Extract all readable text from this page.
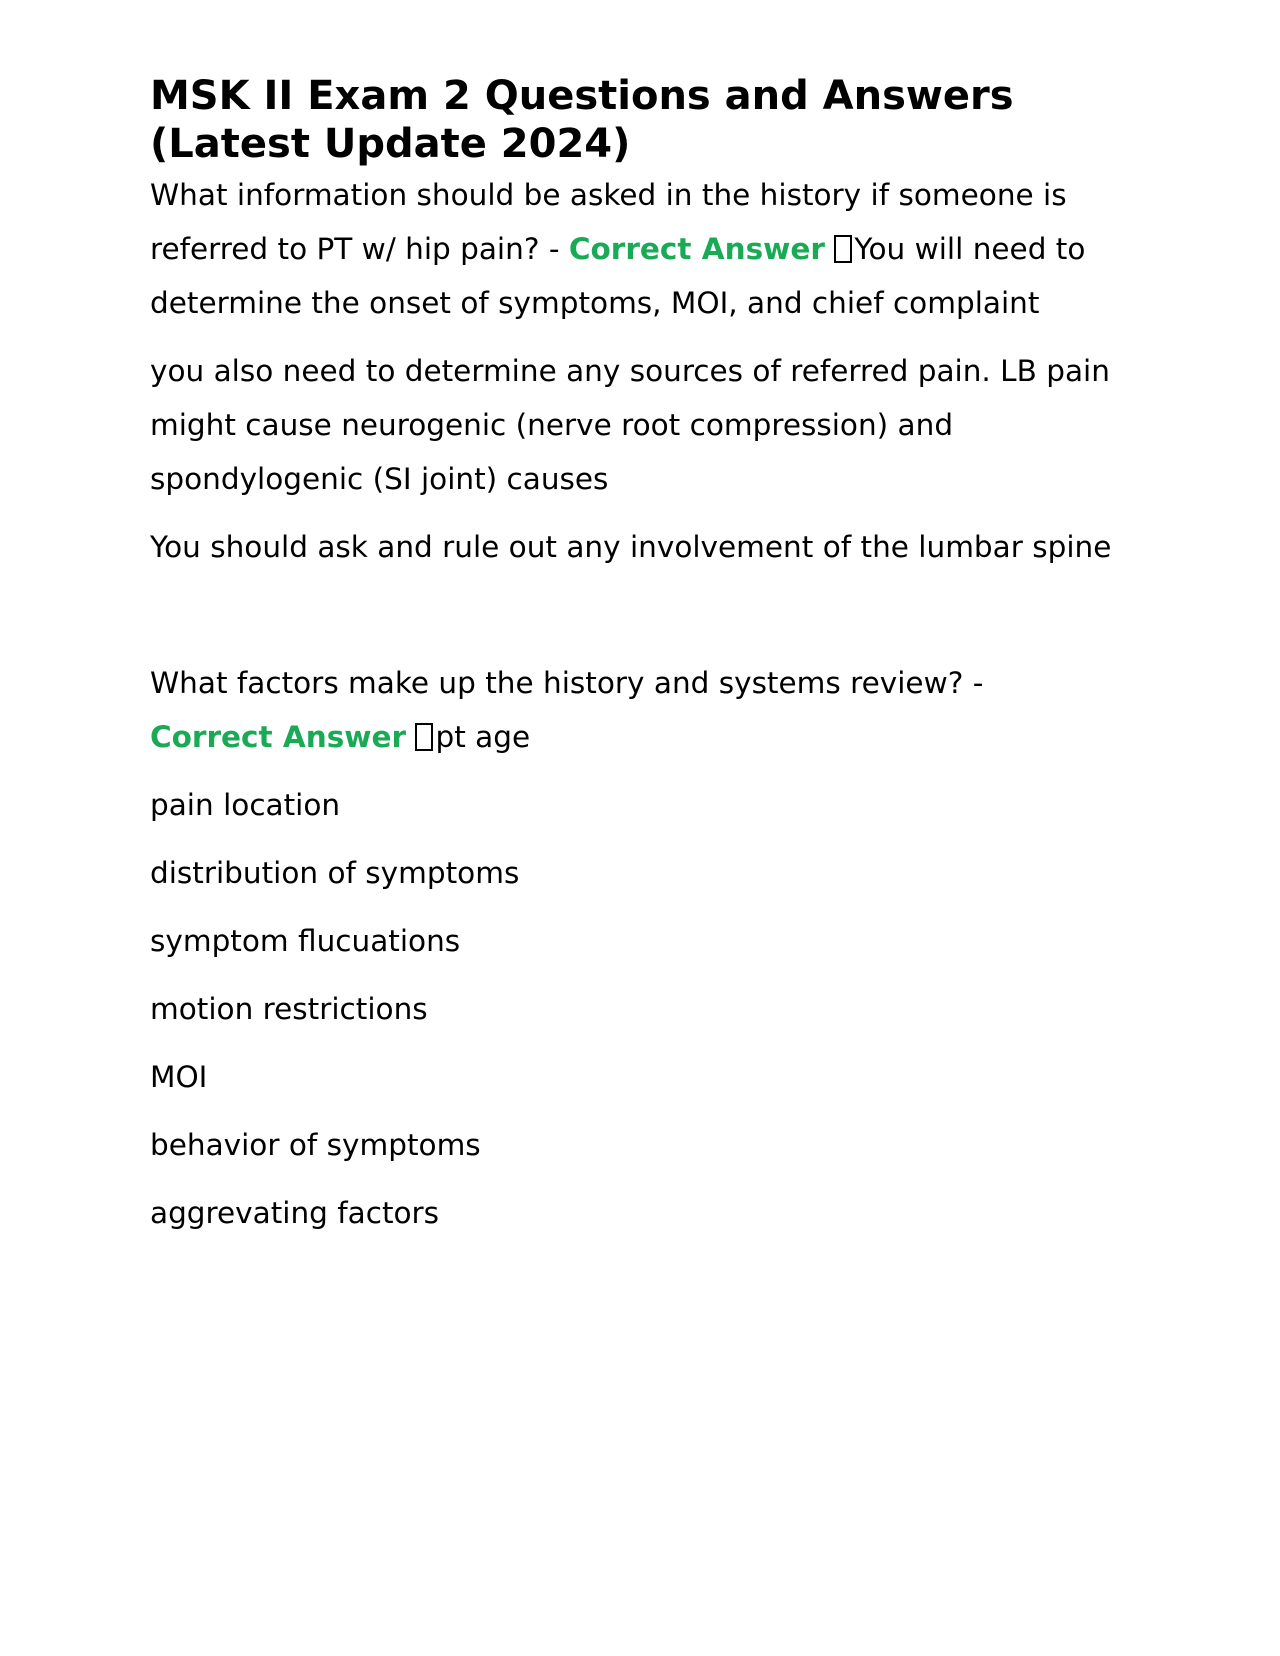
MSK II Exam 2 Questions and Answers
(Latest Update 2024)

What information should be asked in the history if someone is referred to PT w/ hip pain? - Correct Answer You will need to determine the onset of symptoms, MOI, and chief complaint

you also need to determine any sources of referred pain. LB pain might cause neurogenic (nerve root compression) and spondylogenic (SI joint) causes

You should ask and rule out any involvement of the lumbar spine

What factors make up the history and systems review? -
Correct Answer pt age

pain location

distribution of symptoms

symptom flucuations

motion restrictions

MOI

behavior of symptoms

aggrevating factors
